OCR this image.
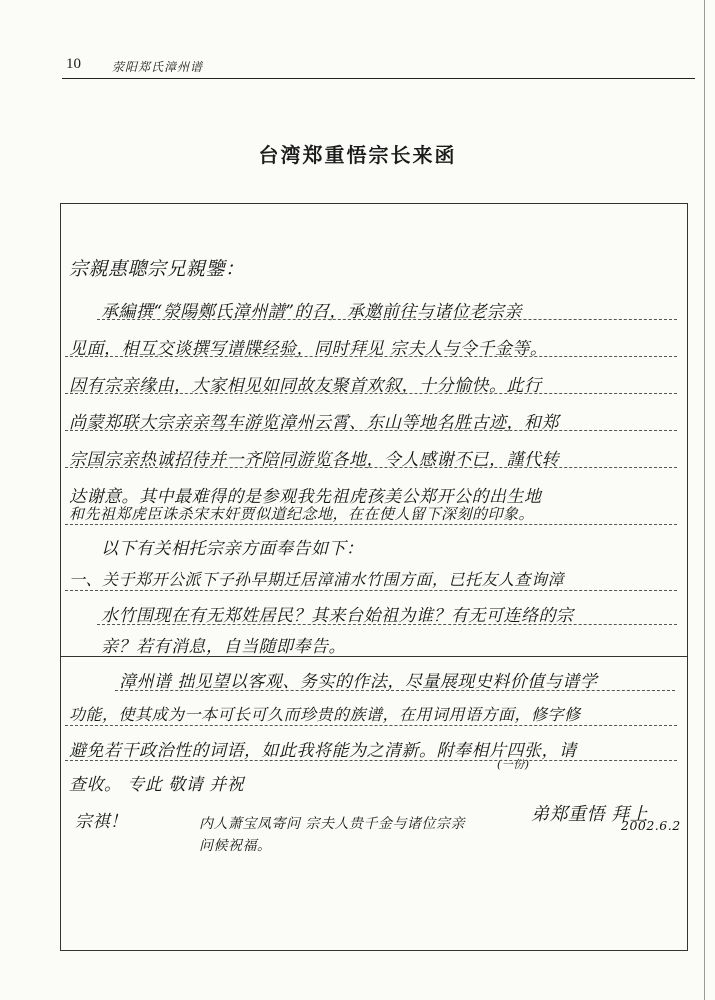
10	荥阳郑氏漳州谱
台湾郑重悟宗长来函
宗親惠聰宗兄親鑒：
承編撰“滎陽鄭氏漳州譜”的召，承邀前往与诸位老宗亲
见面，相互交谈撰写谱牒经验，同时拜见 宗夫人与令千金等。
因有宗亲缘由，大家相见如同故友聚首欢叙，十分愉快。此行
尚蒙郑联大宗亲亲驾车游览漳州云霄、东山等地名胜古迹，和郑
宗国宗亲热诚招待并一齐陪同游览各地，令人感谢不已，謹代转
达谢意。其中最难得的是参观我先祖虎孩美公郑开公的出生地
和先祖郑虎臣诛杀宋末奸贾似道纪念地，在在使人留下深刻的印象。
以下有关相托宗亲方面奉告如下：
一、关于郑开公派下子孙早期迁居漳浦水竹围方面，已托友人查询漳
水竹围现在有无郑姓居民？其来台始祖为谁？有无可连络的宗
亲？若有消息，自当随即奉告。
漳州谱 拙见望以客观、务实的作法，尽量展现史料价值与谱学
功能，使其成为一本可长可久而珍贵的族谱，在用词用语方面，修字修
避免若干政治性的词语，如此我将能为之清新。附奉相片四张，请
(一份)
查收。 专此 敬请 并祝
弟郑重悟 拜上
宗祺！	内人萧宝凤寄问 宗夫人贵千金与诸位宗亲
问候祝福。
2002.6.2
